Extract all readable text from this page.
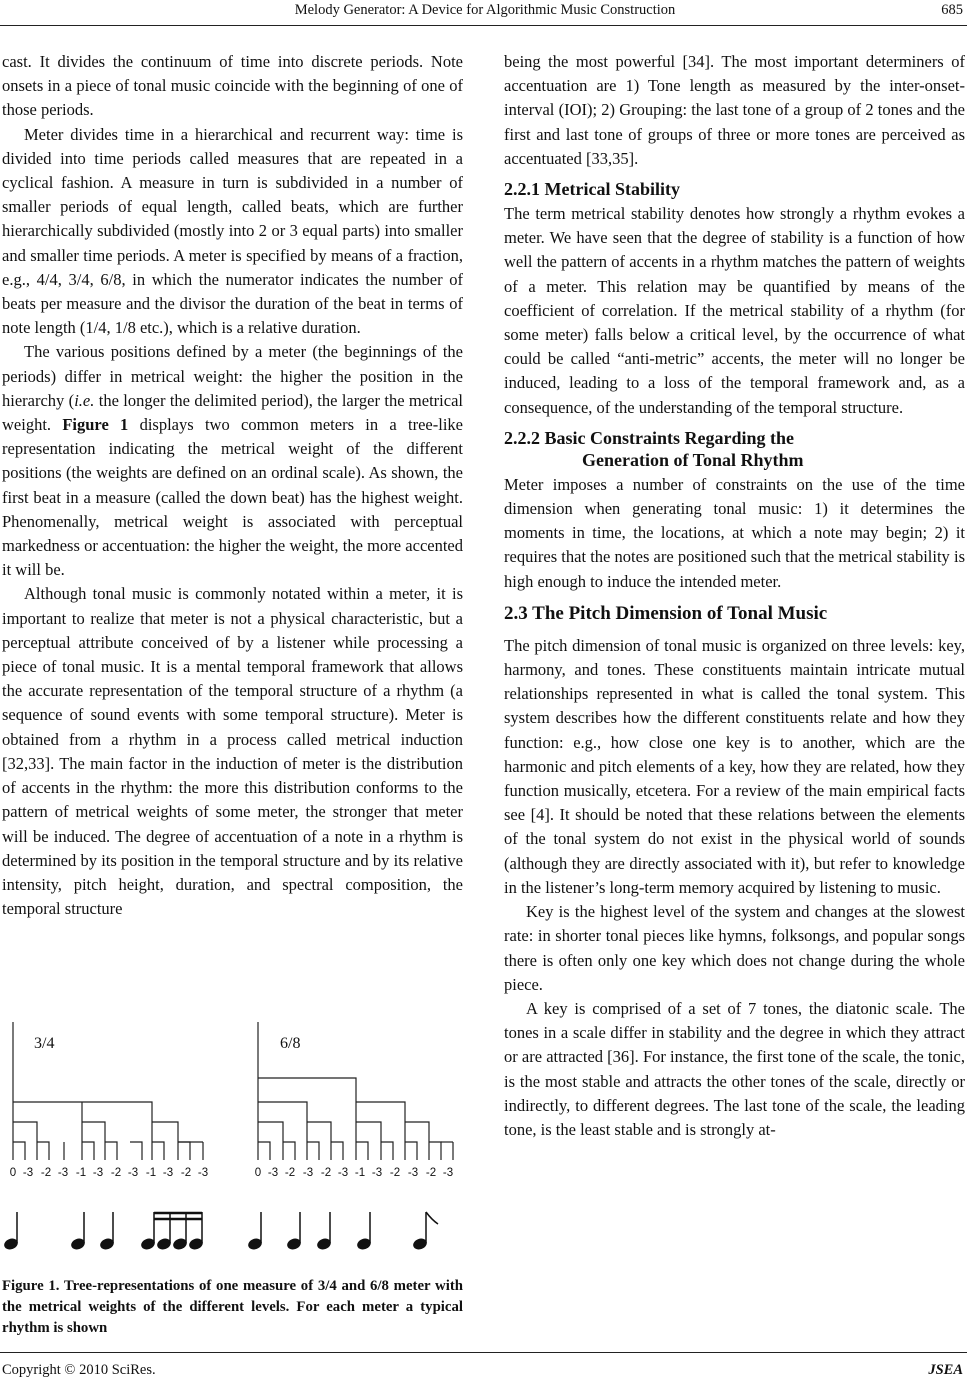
Melody Generator: A Device for Algorithmic Music Construction	685

cast. It divides the continuum of time into discrete periods. Note onsets in a piece of tonal music coincide with the beginning of one of those periods.

Meter divides time in a hierarchical and recurrent way: time is divided into time periods called measures that are repeated in a cyclical fashion. A measure in turn is subdivided in a number of smaller periods of equal length, called beats, which are further hierarchically subdivided (mostly into 2 or 3 equal parts) into smaller and smaller time periods. A meter is specified by means of a fraction, e.g., 4/4, 3/4, 6/8, in which the numerator indicates the number of beats per measure and the divisor the duration of the beat in terms of note length (1/4, 1/8 etc.), which is a relative duration.

The various positions defined by a meter (the beginnings of the periods) differ in metrical weight: the higher the position in the hierarchy (i.e. the longer the delimited period), the larger the metrical weight. Figure 1 displays two common meters in a tree-like representation indicating the metrical weight of the different positions (the weights are defined on an ordinal scale). As shown, the first beat in a measure (called the down beat) has the highest weight. Phenomenally, metrical weight is associated with perceptual markedness or accentuation: the higher the weight, the more accented it will be.

Although tonal music is commonly notated within a meter, it is important to realize that meter is not a physical characteristic, but a perceptual attribute conceived of by a listener while processing a piece of tonal music. It is a mental temporal framework that allows the accurate representation of the temporal structure of a rhythm (a sequence of sound events with some temporal structure). Meter is obtained from a rhythm in a process called metrical induction [32,33]. The main factor in the induction of meter is the distribution of accents in the rhythm: the more this distribution conforms to the pattern of metrical weights of some meter, the stronger that meter will be induced. The degree of accentuation of a note in a rhythm is determined by its position in the temporal structure and by its relative intensity, pitch height, duration, and spectral composition, the temporal structure

being the most powerful [34]. The most important determiners of accentuation are 1) Tone length as measured by the inter-onset-interval (IOI); 2) Grouping: the last tone of a group of 2 tones and the first and last tone of groups of three or more tones are perceived as accentuated [33,35].

2.2.1 Metrical Stability

The term metrical stability denotes how strongly a rhythm evokes a meter. We have seen that the degree of stability is a function of how well the pattern of accents in a rhythm matches the pattern of weights of a meter. This relation may be quantified by means of the coefficient of correlation. If the metrical stability of a rhythm (for some meter) falls below a critical level, by the occurrence of what could be called “anti-metric” accents, the meter will no longer be induced, leading to a loss of the temporal framework and, as a consequence, of the understanding of the temporal structure.

2.2.2 Basic Constraints Regarding the
Generation of Tonal Rhythm

Meter imposes a number of constraints on the use of the time dimension when generating tonal music: 1) it determines the moments in time, the locations, at which a note may begin; 2) it requires that the notes are positioned such that the metrical stability is high enough to induce the intended meter.

2.3 The Pitch Dimension of Tonal Music

The pitch dimension of tonal music is organized on three levels: key, harmony, and tones. These constituents maintain intricate mutual relationships represented in what is called the tonal system. This system describes how the different constituents relate and how they function: e.g., how close one key is to another, which are the harmonic and pitch elements of a key, how they are related, how they function musically, etcetera. For a review of the main empirical facts see [4]. It should be noted that these relations between the elements of the tonal system do not exist in the physical world of sounds (although they are directly associated with it), but refer to knowledge in the listener’s long-term memory acquired by listening to music.

Key is the highest level of the system and changes at the slowest rate: in shorter tonal pieces like hymns, folksongs, and popular songs there is often only one key which does not change during the whole piece.

A key is comprised of a set of 7 tones, the diatonic scale. The tones in a scale differ in stability and the degree in which they attract or are attracted [36]. For instance, the first tone of the scale, the tonic, is the most stable and attracts the other tones of the scale, directly or indirectly, to different degrees. The last tone of the scale, the leading tone, is the least stable and is strongly at-

3/4	6/8
0 -3 -2 -3 -1 -3 -2 -3 -1 -3 -2 -3	0 -3 -2 -3 -2 -3 -1 -3 -2 -3 -2 -3
Figure 1. Tree-representations of one measure of 3/4 and 6/8 meter with the metrical weights of the different levels. For each meter a typical rhythm is shown
Copyright © 2010 SciRes.	JSEA
